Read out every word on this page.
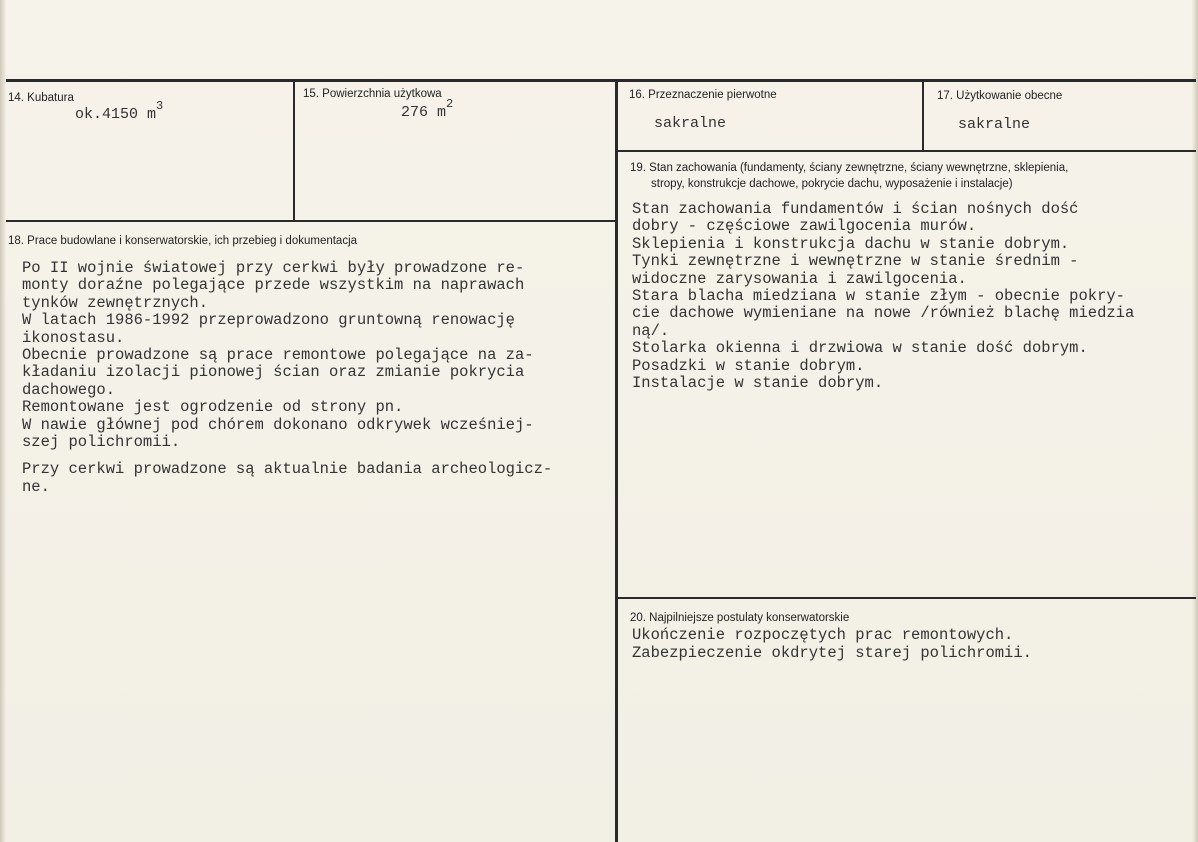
14. Kubatura
ok.4150 $m^3$
15. Powierzchnia użytkowa
276 $m^2$
16. Przeznaczenie pierwotne
sakralne
17. Użytkowanie obecne
sakralne
18. Prace budowlane i konserwatorskie, ich przebieg i dokumentacja
Po II wojnie światowej przy cerkwi były prowadzone re-
monty doraźne polegające przede wszystkim na naprawach
tynków zewnętrznych.
W latach 1986-1992 przeprowadzono gruntowną renowację
ikonostasu.
Obecnie prowadzone są prace remontowe polegające na za-
kładaniu izolacji pionowej ścian oraz zmianie pokrycia
dachowego.
Remontowane jest ogrodzenie od strony pn.
W nawie głównej pod chórem dokonano odkrywek wcześniej-
szej polichromii.
Przy cerkwi prowadzone są aktualnie badania archeologicz-
ne.
19. Stan zachowania (fundamenty, ściany zewnętrzne, ściany wewnętrzne, sklepienia,
stropy, konstrukcje dachowe, pokrycie dachu, wyposażenie i instalacje)
Stan zachowania fundamentów i ścian nośnych dość
dobry - częściowe zawilgocenia murów.
Sklepienia i konstrukcja dachu w stanie dobrym.
Tynki zewnętrzne i wewnętrzne w stanie średnim -
widoczne zarysowania i zawilgocenia.
Stara blacha miedziana w stanie złym - obecnie pokry-
cie dachowe wymieniane na nowe /również blachę miedzia
ną/.
Stolarka okienna i drzwiowa w stanie dość dobrym.
Posadzki w stanie dobrym.
Instalacje w stanie dobrym.
20. Najpilniejsze postulaty konserwatorskie
Ukończenie rozpoczętych prac remontowych.
Zabezpieczenie okdrytej starej polichromii.
